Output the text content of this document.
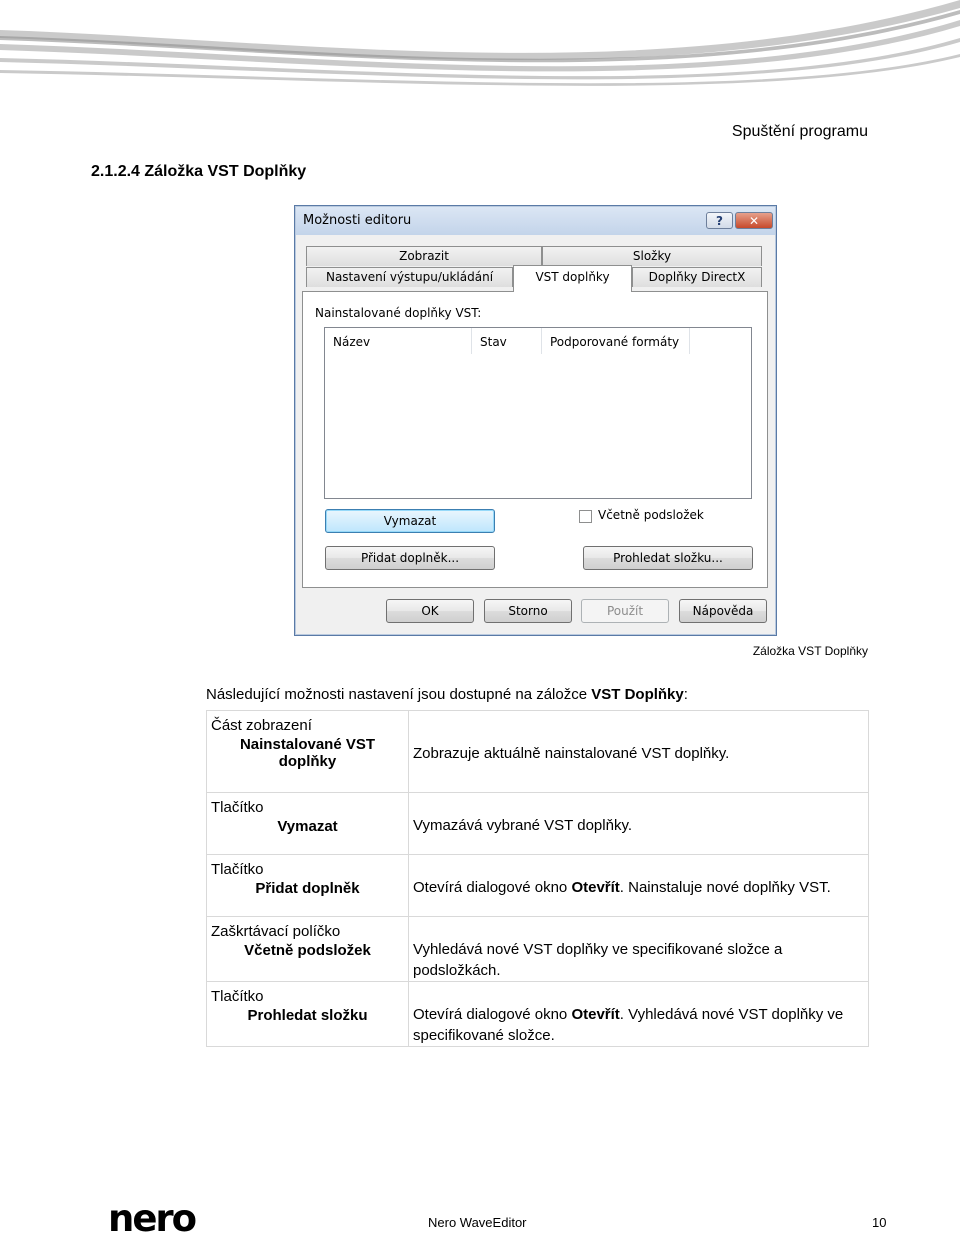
Spuštění programu
2.1.2.4 Záložka VST Doplňky
Možnosti editoru	?	✕
Zobrazit	Složky
Nastavení výstupu/ukládání	VST doplňky	Doplňky DirectX
Nainstalované doplňky VST:
Název	Stav	Podporované formáty
Vymazat	Včetně podsložek
Přidat doplněk...	Prohledat složku...
OK	Storno	Použít	Nápověda
Záložka VST Doplňky
Následující možnosti nastavení jsou dostupné na záložce VST Doplňky:
Část zobrazení
Nainstalované VST doplňky	Zobrazuje aktuálně nainstalované VST doplňky.

Tlačítko
Vymazat	Vymazává vybrané VST doplňky.

Tlačítko
Přidat doplněk	Otevírá dialogové okno Otevřít. Nainstaluje nové doplňky VST.

Zaškrtávací políčko
Včetně podsložek	Vyhledává nové VST doplňky ve specifikované složce a podsložkách.

Tlačítko
Prohledat složku	Otevírá dialogové okno Otevřít. Vyhledává nové VST doplňky ve specifikované složce.
nero	Nero WaveEditor	10
